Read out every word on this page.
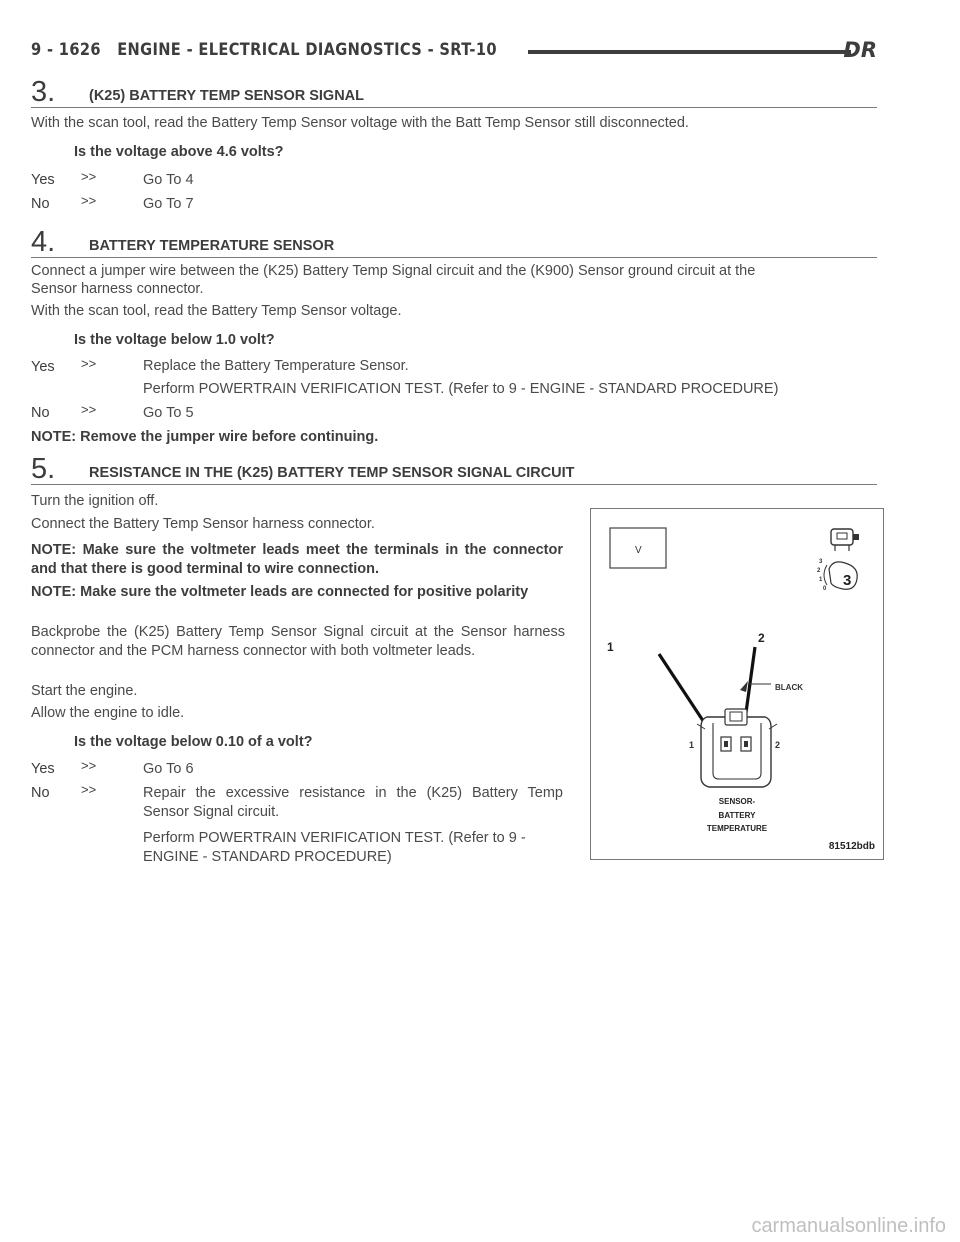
9 - 1626 ENGINE - ELECTRICAL DIAGNOSTICS - SRT-10	DR
3. (K25) BATTERY TEMP SENSOR SIGNAL
With the scan tool, read the Battery Temp Sensor voltage with the Batt Temp Sensor still disconnected.
Is the voltage above 4.6 volts?
Yes >>	Go To 4
No >>	Go To 7
4. BATTERY TEMPERATURE SENSOR
Connect a jumper wire between the (K25) Battery Temp Signal circuit and the (K900) Sensor ground circuit at the
Sensor harness connector.
With the scan tool, read the Battery Temp Sensor voltage.
Is the voltage below 1.0 volt?
Yes >>	Replace the Battery Temperature Sensor.
Perform POWERTRAIN VERIFICATION TEST. (Refer to 9 - ENGINE - STANDARD PROCEDURE)
No >>	Go To 5
NOTE: Remove the jumper wire before continuing.
5. RESISTANCE IN THE (K25) BATTERY TEMP SENSOR SIGNAL CIRCUIT
Turn the ignition off.
Connect the Battery Temp Sensor harness connector.
NOTE: Make sure the voltmeter leads meet the terminals in the connector and that there is good terminal to wire connection.
NOTE: Make sure the voltmeter leads are connected for positive polarity
Backprobe the (K25) Battery Temp Sensor Signal circuit at the Sensor harness connector and the PCM harness connector with both voltmeter leads.
Start the engine.
Allow the engine to idle.
Is the voltage below 0.10 of a volt?
Yes >>	Go To 6
No >>	Repair the excessive resistance in the (K25) Battery Temp Sensor Signal circuit.
Perform POWERTRAIN VERIFICATION TEST. (Refer to 9 - ENGINE - STANDARD PROCEDURE)
V
3
2
1
0 3
1
2
BLACK
1	2
SENSOR-
BATTERY
TEMPERATURE
81512bdb
carmanualsonline.info
